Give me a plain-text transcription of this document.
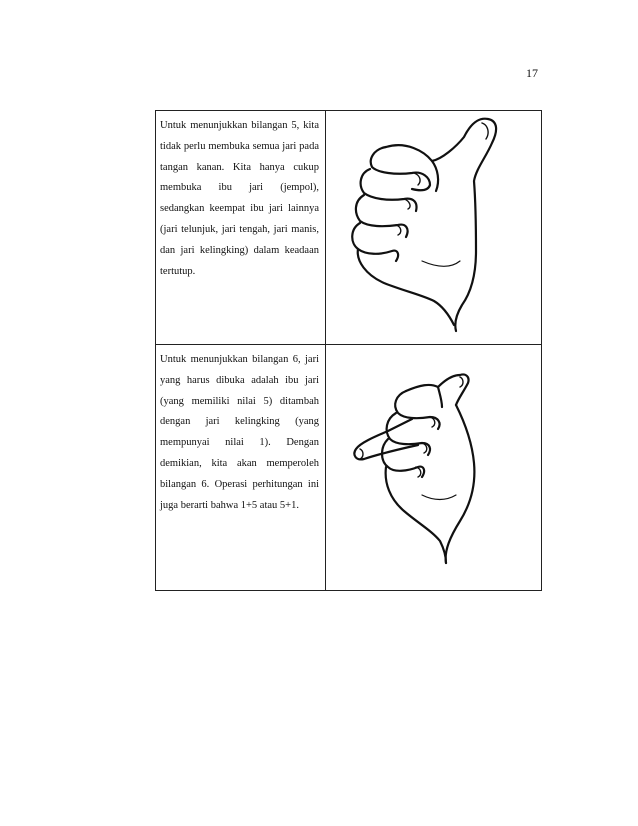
17

Untuk menunjukkan bilangan 5, kita tidak perlu membuka semua jari pada tangan kanan. Kita hanya cukup membuka ibu jari (jempol), sedangkan keempat ibu jari lainnya (jari telunjuk, jari tengah, jari manis, dan jari kelingking) dalam keadaan tertutup.

Untuk menunjukkan bilangan 6, jari yang harus dibuka adalah ibu jari (yang memiliki nilai 5) ditambah dengan jari kelingking (yang mempunyai nilai 1). Dengan demikian, kita akan memperoleh bilangan 6. Operasi perhitungan ini juga berarti bahwa 1+5 atau 5+1.
